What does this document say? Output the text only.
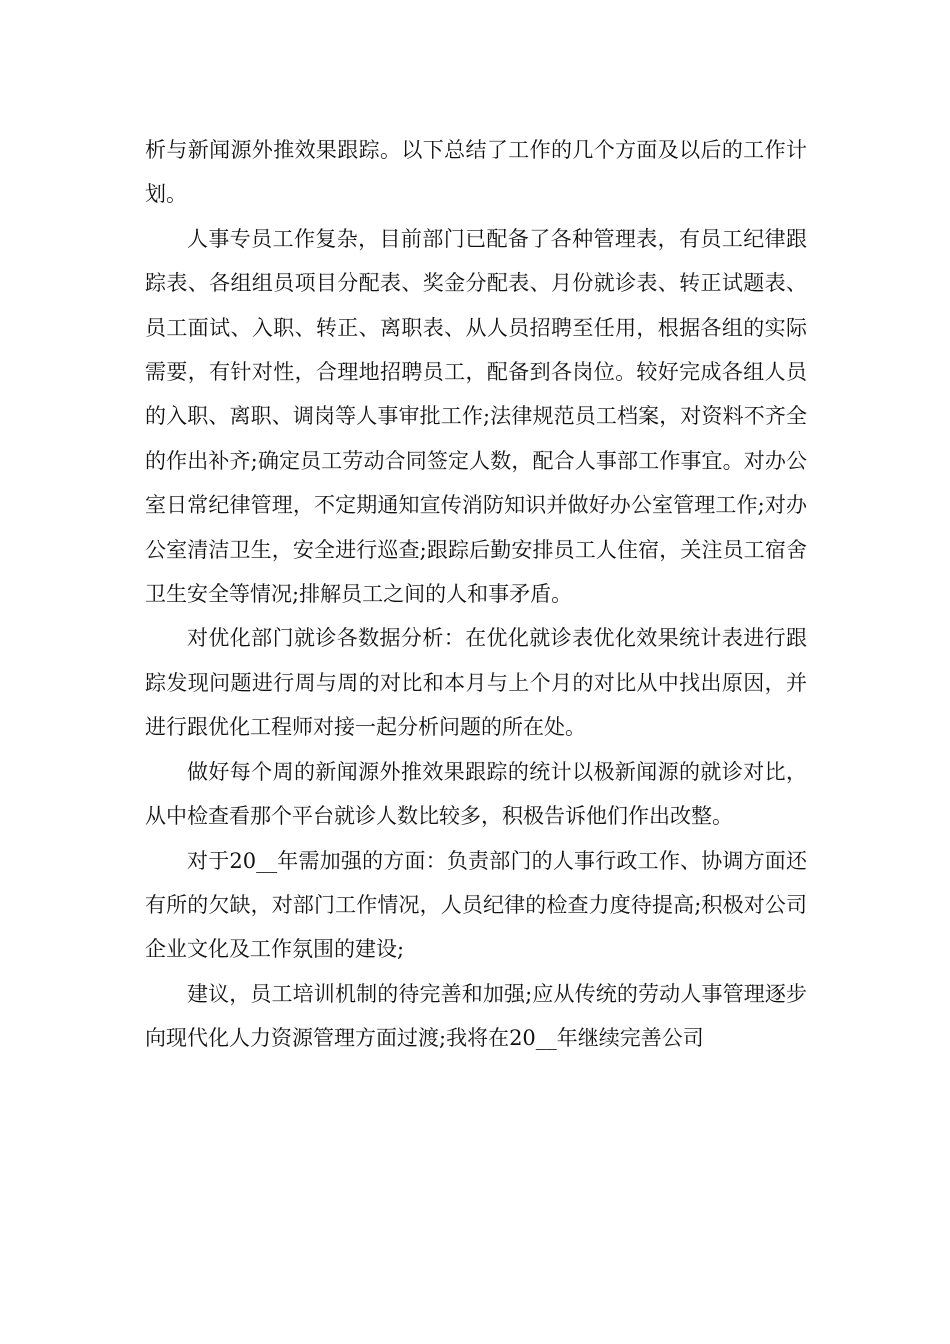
析与新闻源外推效果跟踪。以下总结了工作的几个方面及以后的工作计划。

人事专员工作复杂，目前部门已配备了各种管理表，有员工纪律跟踪表、各组组员项目分配表、奖金分配表、月份就诊表、转正试题表、员工面试、入职、转正、离职表、从人员招聘至任用，根据各组的实际需要，有针对性，合理地招聘员工，配备到各岗位。较好完成各组人员的入职、离职、调岗等人事审批工作;法律规范员工档案，对资料不齐全的作出补齐;确定员工劳动合同签定人数，配合人事部工作事宜。对办公室日常纪律管理，不定期通知宣传消防知识并做好办公室管理工作;对办公室清洁卫生，安全进行巡查;跟踪后勤安排员工人住宿，关注员工宿舍卫生安全等情况;排解员工之间的人和事矛盾。

对优化部门就诊各数据分析：在优化就诊表优化效果统计表进行跟踪发现问题进行周与周的对比和本月与上个月的对比从中找出原因，并进行跟优化工程师对接一起分析问题的所在处。

做好每个周的新闻源外推效果跟踪的统计以极新闻源的就诊对比，从中检查看那个平台就诊人数比较多，积极告诉他们作出改整。

对于20__年需加强的方面：负责部门的人事行政工作、协调方面还有所的欠缺，对部门工作情况，人员纪律的检查力度待提高;积极对公司企业文化及工作氛围的建设;

建议，员工培训机制的待完善和加强;应从传统的劳动人事管理逐步向现代化人力资源管理方面过渡;我将在20__年继续完善公司
